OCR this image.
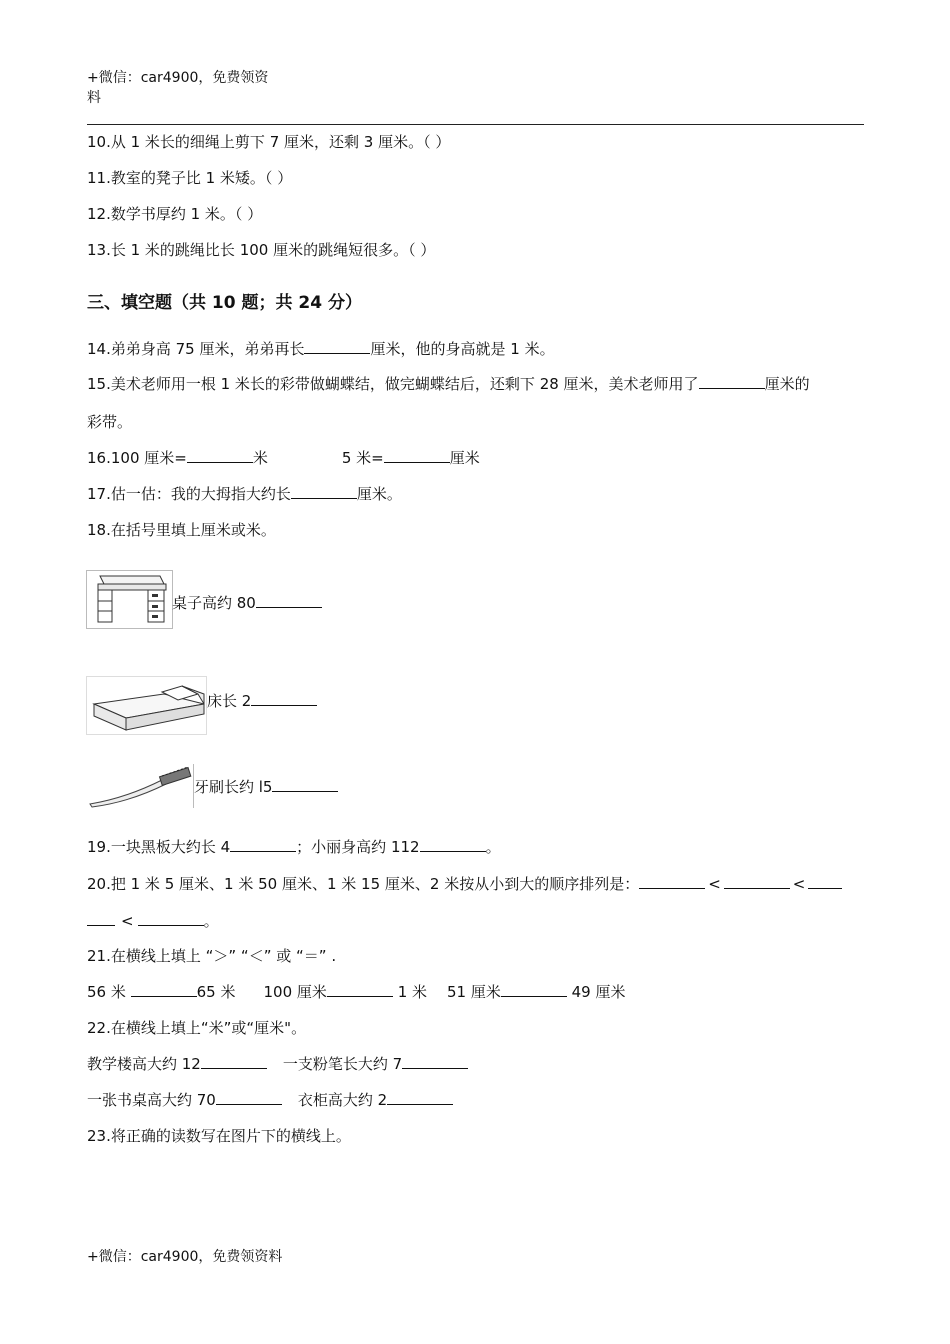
+微信：car4900，免费领资
料
10.从 1 米长的细绳上剪下 7 厘米，还剩 3 厘米。（ ）
11.教室的凳子比 1 米矮。（ ）
12.数学书厚约 1 米。（ ）
13.长 1 米的跳绳比长 100 厘米的跳绳短很多。（ ）
三、填空题（共 10 题；共 24 分）
14.弟弟身高 75 厘米，弟弟再长	厘米，他的身高就是 1 米。
15.美术老师用一根 1 米长的彩带做蝴蝶结，做完蝴蝶结后，还剩下 28 厘米，美术老师用了	厘米的
彩带。
16.100 厘米=	米	5 米=	厘米
17.估一估：我的大拇指大约长	厘米。
18.在括号里填上厘米或米。
桌子高约 80
床长 2
牙刷长约 l5
19.一块黑板大约长 4	；小丽身高约 112	。
20.把 1 米 5 厘米、1 米 50 厘米、1 米 15 厘米、2 米按从小到大的顺序排列是：	<	<
<	。
21.在横线上填上 “＞” “＜” 或 “＝” .
56 米	65 米 100 厘米	1 米 51 厘米	49 厘米
22.在横线上填上“米”或“厘米"。
教学楼高大约 12	一支粉笔长大约 7
一张书桌高大约 70	衣柜高大约 2
23.将正确的读数写在图片下的横线上。
+微信：car4900，免费领资料
